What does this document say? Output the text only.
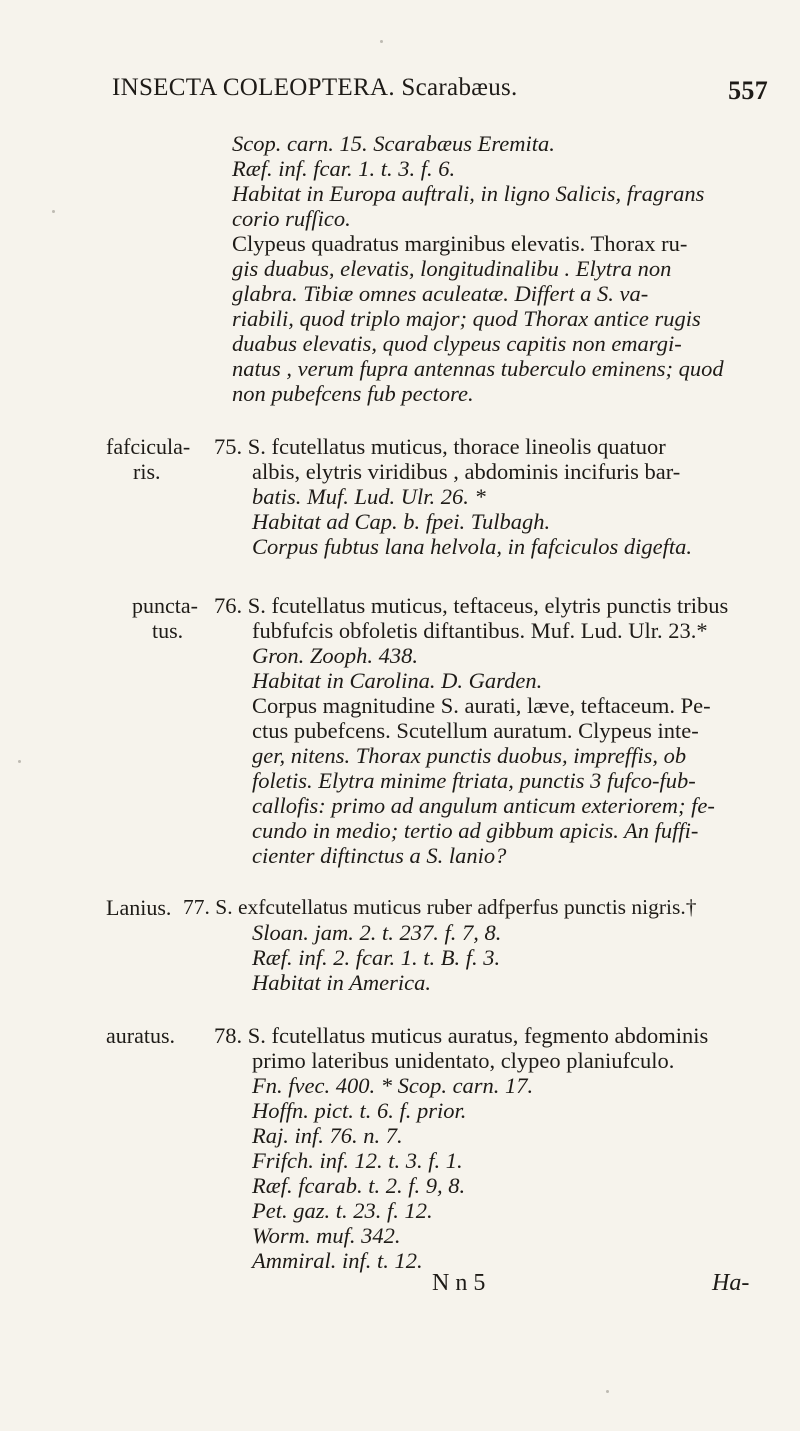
INSECTA COLEOPTERA. Scarabæus.	557
Scop. carn. 15. Scarabæus Eremita.
Ræf. inf. fcar. 1. t. 3. f. 6.
Habitat in Europa auftrali, in ligno Salicis, fragrans
corio rufſico.
Clypeus quadratus marginibus elevatis. Thorax ru-
gis duabus, elevatis, longitudinalibu . Elytra non
glabra. Tibiæ omnes aculeatæ. Differt a S. va-
riabili, quod triplo major; quod Thorax antice rugis
duabus elevatis, quod clypeus capitis non emargi-
natus , verum fupra antennas tuberculo eminens; quod
non pubefcens fub pectore.
fafcicula-
ris.
75. S. fcutellatus muticus, thorace lineolis quatuor
albis, elytris viridibus , abdominis incifuris bar-
batis. Muf. Lud. Ulr. 26. *
Habitat ad Cap. b. fpei. Tulbagh.
Corpus fubtus lana helvola, in fafciculos digefta.
puncta-
tus.
76. S. fcutellatus muticus, teftaceus, elytris punctis tribus
fubfufcis obfoletis diftantibus. Muf. Lud. Ulr. 23.*
Gron. Zooph. 438.
Habitat in Carolina. D. Garden.
Corpus magnitudine S. aurati, læve, teftaceum. Pe-
ctus pubefcens. Scutellum auratum. Clypeus inte-
ger, nitens. Thorax punctis duobus, impreffis, ob
foletis. Elytra minime ftriata, punctis 3 fufco-fub-
callofis: primo ad angulum anticum exteriorem; fe-
cundo in medio; tertio ad gibbum apicis. An fuffi-
cienter diftinctus a S. lanio?
Lanius. 77. S. exfcutellatus muticus ruber adfperfus punctis nigris.†
Sloan. jam. 2. t. 237. f. 7, 8.
Ræf. inf. 2. fcar. 1. t. B. f. 3.
Habitat in America.
auratus. 78. S. fcutellatus muticus auratus, fegmento abdominis
primo lateribus unidentato, clypeo planiufculo.
Fn. fvec. 400. * Scop. carn. 17.
Hoffn. pict. t. 6. f. prior.
Raj. inf. 76. n. 7.
Frifch. inf. 12. t. 3. f. 1.
Ræf. fcarab. t. 2. f. 9, 8.
Pet. gaz. t. 23. f. 12.
Worm. muf. 342.
Ammiral. inf. t. 12.
N n 5	Ha-
